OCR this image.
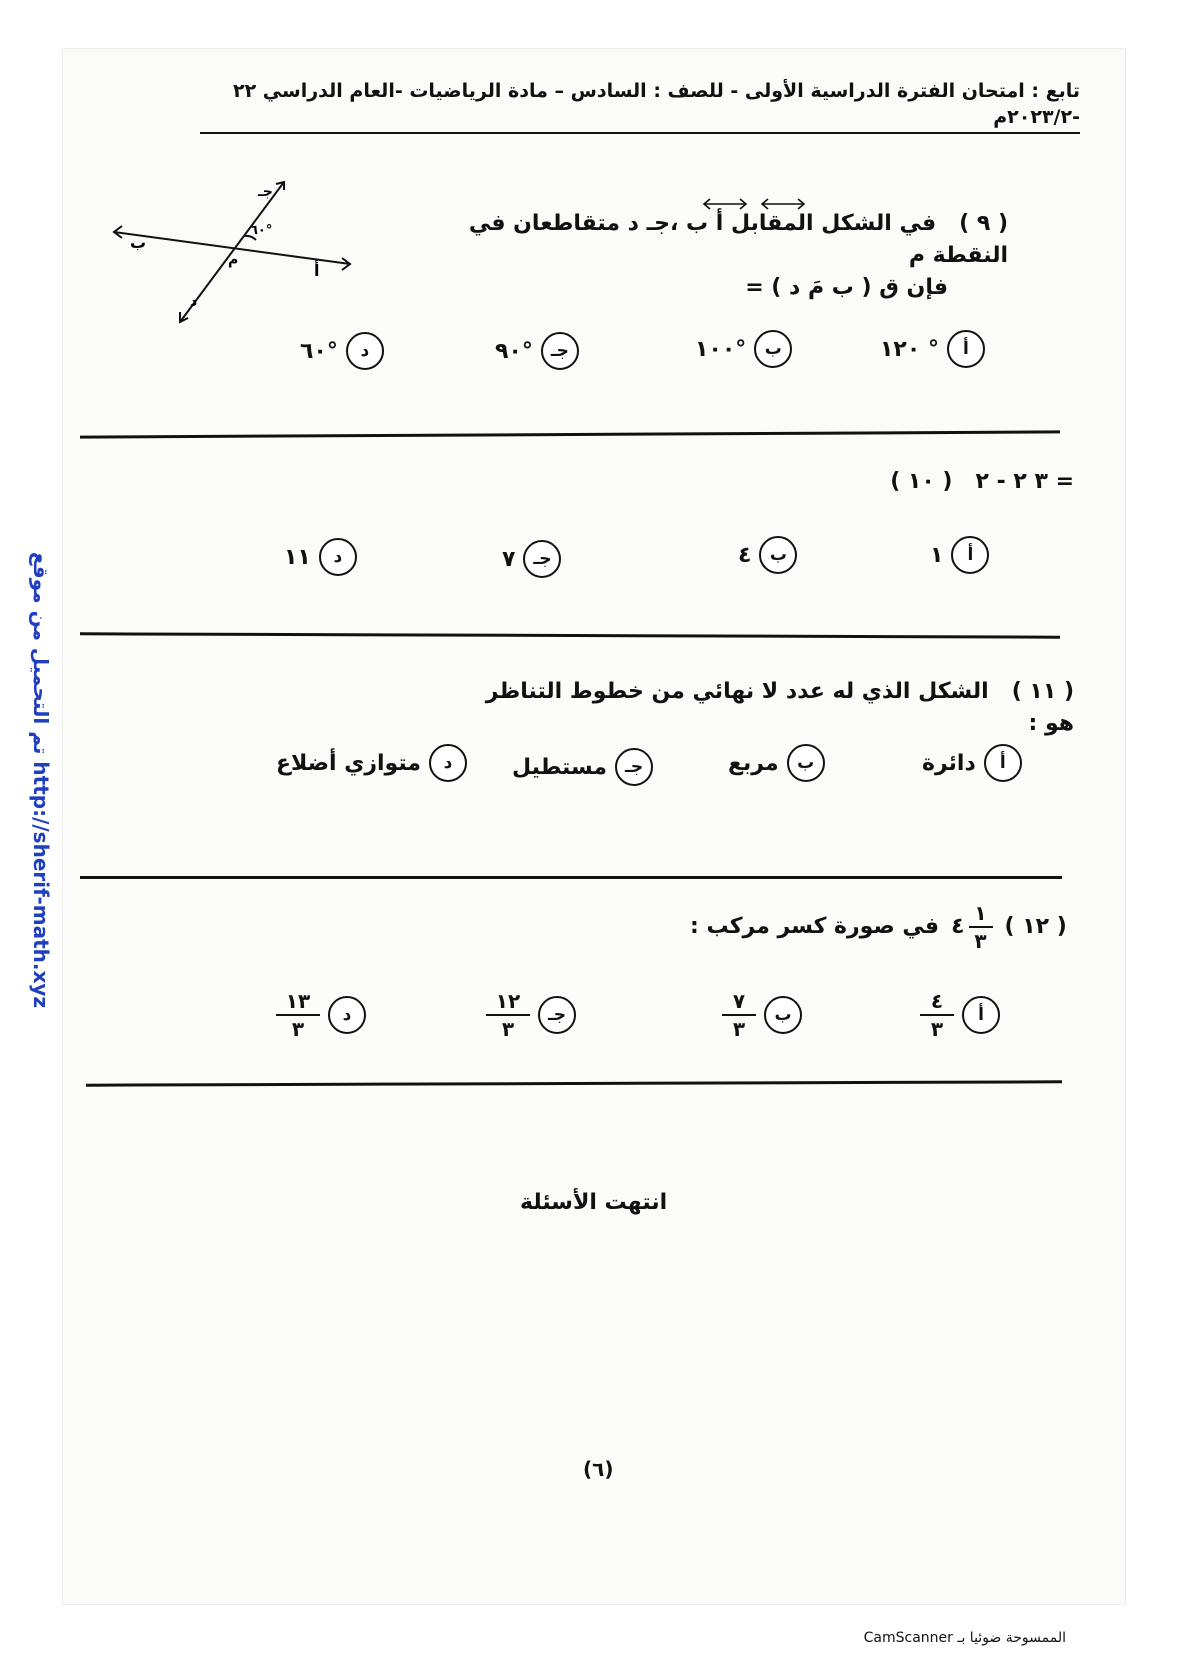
تابع : امتحان الفترة الدراسية الأولى - للصف : السادس – مادة الرياضيات -العام الدراسي ٢٢ -٢٠٢٣/٢م
تم التحميل من موقع http://sherif-math.xyz
( ٩ )   في الشكل المقابل أ ب ،جـ د متقاطعان في النقطة م
فإن ق ( ب مَ د ) =
ب
أ
جـ
د
م
٦٠°
١٢٠ °	أ
١٠٠°	ب
٩٠°	جـ
٦٠°	د
( ١٠ ) ٣ ٢ - ٢ =
١	أ
٤	ب
٧	جـ
١١	د
( ١١ )   الشكل الذي له عدد لا نهائي من خطوط التناظر هو :
دائرة	أ
مربع	ب
مستطيل	جـ
متوازي أضلاع	د
في صورة كسر مركب : ٤ $\frac{١}{٣}$ ( ١٢ )
$\frac{٤}{٣}$	أ
$\frac{٧}{٣}$	ب
$\frac{١٢}{٣}$	جـ
$\frac{١٣}{٣}$	د
انتهت الأسئلة
(٦)
الممسوحة ضوئيا بـ CamScanner
